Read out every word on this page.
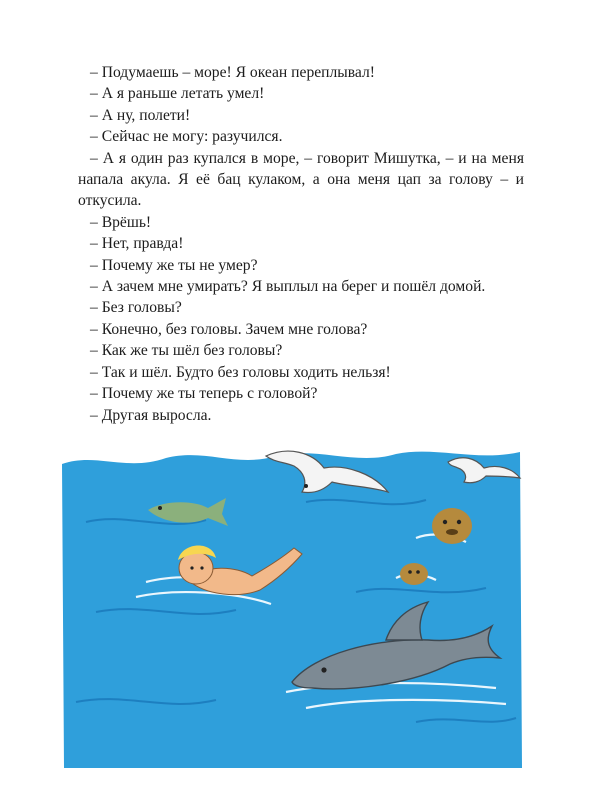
– Подумаешь – море! Я океан переплывал!

– А я раньше летать умел!

– А ну, полети!

– Сейчас не могу: разучился.

– А я один раз купался в море, – говорит Мишутка, – и на меня напала акула. Я её бац кулаком, а она меня цап за голову – и откусила.

– Врёшь!

– Нет, правда!

– Почему же ты не умер?

– А зачем мне умирать? Я выплыл на берег и пошёл домой.

– Без головы?

– Конечно, без головы. Зачем мне голова?

– Как же ты шёл без головы?

– Так и шёл. Будто без головы ходить нельзя!

– Почему же ты теперь с головой?

– Другая выросла.
